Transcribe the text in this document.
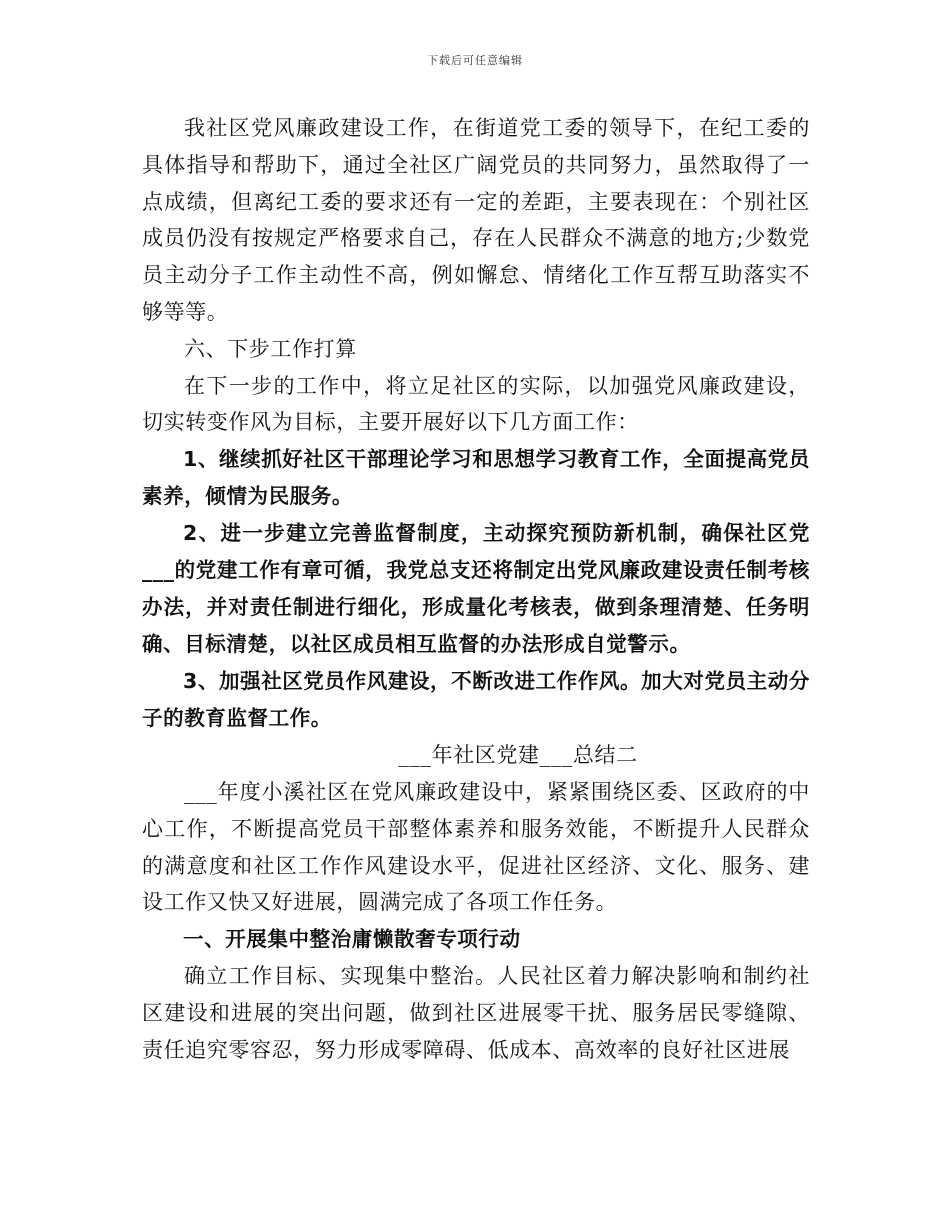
下载后可任意编辑

我社区党风廉政建设工作，在街道党工委的领导下，在纪工委的具体指导和帮助下，通过全社区广阔党员的共同努力，虽然取得了一点成绩，但离纪工委的要求还有一定的差距，主要表现在：个别社区成员仍没有按规定严格要求自己，存在人民群众不满意的地方;少数党员主动分子工作主动性不高，例如懈怠、情绪化工作互帮互助落实不够等等。

六、下步工作打算

在下一步的工作中，将立足社区的实际，以加强党风廉政建设，切实转变作风为目标，主要开展好以下几方面工作：

1、继续抓好社区干部理论学习和思想学习教育工作，全面提高党员素养，倾情为民服务。

2、进一步建立完善监督制度，主动探究预防新机制，确保社区党___的党建工作有章可循，我党总支还将制定出党风廉政建设责任制考核办法，并对责任制进行细化，形成量化考核表，做到条理清楚、任务明确、目标清楚，以社区成员相互监督的办法形成自觉警示。

3、加强社区党员作风建设，不断改进工作作风。加大对党员主动分子的教育监督工作。

___年社区党建___总结二

___年度小溪社区在党风廉政建设中，紧紧围绕区委、区政府的中心工作，不断提高党员干部整体素养和服务效能，不断提升人民群众的满意度和社区工作作风建设水平，促进社区经济、文化、服务、建设工作又快又好进展，圆满完成了各项工作任务。

一、开展集中整治庸懒散奢专项行动

确立工作目标、实现集中整治。人民社区着力解决影响和制约社区建设和进展的突出问题，做到社区进展零干扰、服务居民零缝隙、责任追究零容忍，努力形成零障碍、低成本、高效率的良好社区进展
